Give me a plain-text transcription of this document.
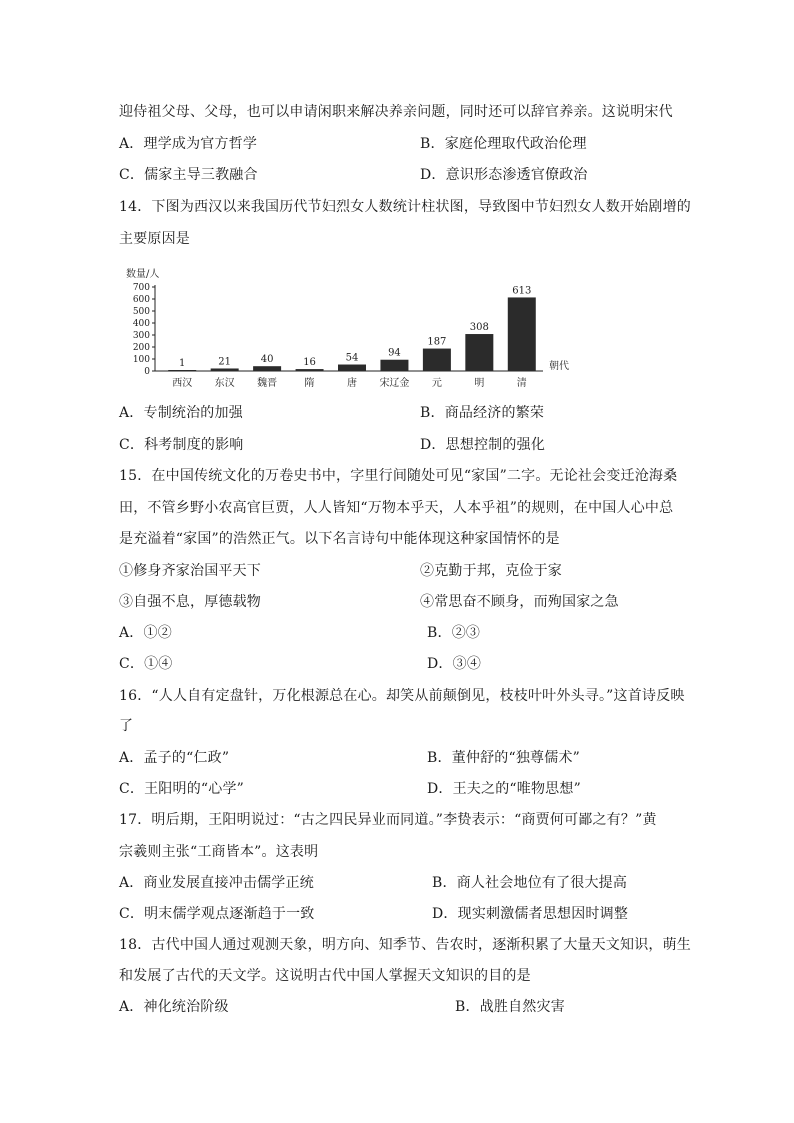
迎侍祖父母、父母，也可以申请闲职来解决养亲问题，同时还可以辞官养亲。这说明宋代
A．理学成为官方哲学	B．家庭伦理取代政治伦理
C．儒家主导三教融合	D．意识形态渗透官僚政治
14．下图为西汉以来我国历代节妇烈女人数统计柱状图，导致图中节妇烈女人数开始剧增的
主要原因是
数量/人
0
100
200
300
400
500
600
700
1
西汉
21
东汉
40
魏晋
16
隋
54
唐
94
宋辽金
187
元
308
明
613
清
朝代
A．专制统治的加强	B．商品经济的繁荣
C．科考制度的影响	D．思想控制的强化
15．在中国传统文化的万卷史书中，字里行间随处可见“家国”二字。无论社会变迁沧海桑
田，不管乡野小农高官巨贾，人人皆知“万物本乎天，人本乎祖”的规则，在中国人心中总
是充溢着“家国”的浩然正气。以下名言诗句中能体现这种家国情怀的是
①修身齐家治国平天下	②克勤于邦，克俭于家
③自强不息，厚德载物	④常思奋不顾身，而殉国家之急
A．①②	B．②③
C．①④	D．③④
16．“人人自有定盘针，万化根源总在心。却笑从前颠倒见，枝枝叶叶外头寻。”这首诗反映
了
A．孟子的“仁政”	B．董仲舒的“独尊儒术”
C．王阳明的“心学”	D．王夫之的“唯物思想”
17．明后期，王阳明说过：“古之四民异业而同道。”李贽表示：“商贾何可鄙之有？”黄
宗羲则主张“工商皆本”。这表明
A．商业发展直接冲击儒学正统	B．商人社会地位有了很大提高
C．明末儒学观点逐渐趋于一致	D．现实刺激儒者思想因时调整
18．古代中国人通过观测天象，明方向、知季节、告农时，逐渐积累了大量天文知识，萌生
和发展了古代的天文学。这说明古代中国人掌握天文知识的目的是
A．神化统治阶级	B．战胜自然灾害
